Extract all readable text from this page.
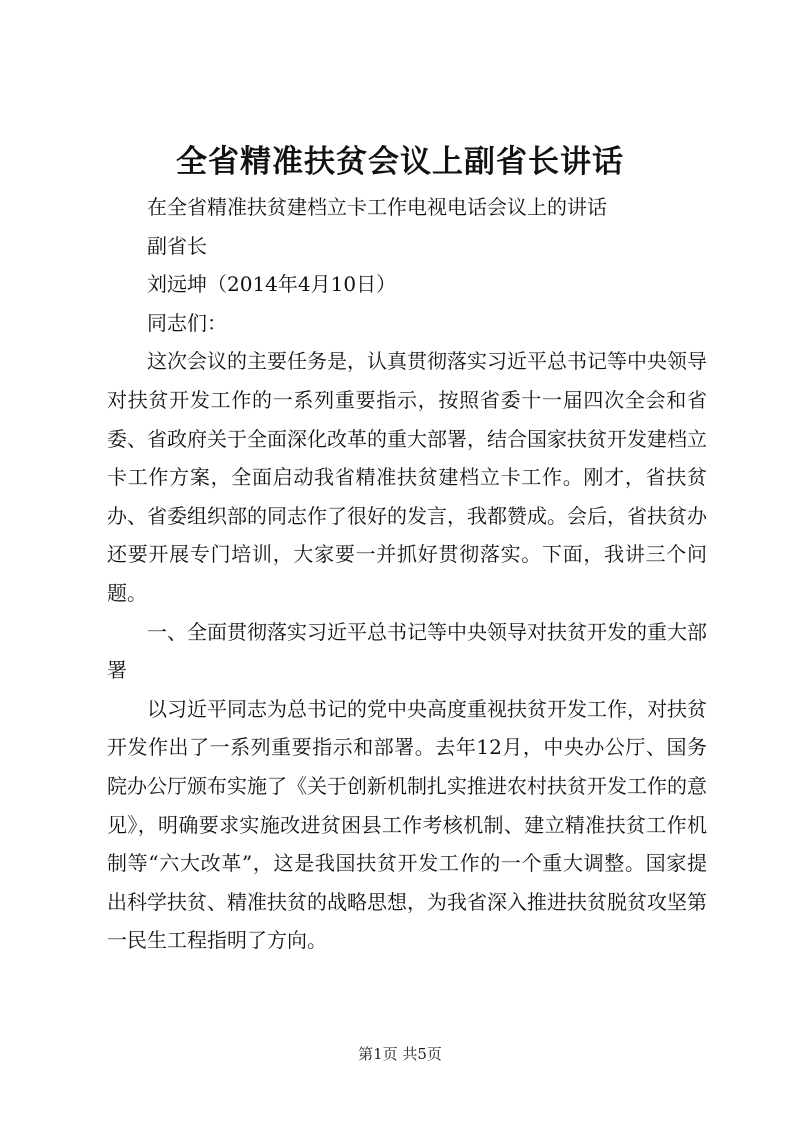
全省精准扶贫会议上副省长讲话

在全省精准扶贫建档立卡工作电视电话会议上的讲话

副省长

刘远坤（2014年4月10日）

同志们：

这次会议的主要任务是，认真贯彻落实习近平总书记等中央领导对扶贫开发工作的一系列重要指示，按照省委十一届四次全会和省委、省政府关于全面深化改革的重大部署，结合国家扶贫开发建档立卡工作方案，全面启动我省精准扶贫建档立卡工作。刚才，省扶贫办、省委组织部的同志作了很好的发言，我都赞成。会后，省扶贫办还要开展专门培训，大家要一并抓好贯彻落实。下面，我讲三个问题。

一、全面贯彻落实习近平总书记等中央领导对扶贫开发的重大部署

以习近平同志为总书记的党中央高度重视扶贫开发工作，对扶贫开发作出了一系列重要指示和部署。去年12月，中央办公厅、国务院办公厅颁布实施了《关于创新机制扎实推进农村扶贫开发工作的意见》，明确要求实施改进贫困县工作考核机制、建立精准扶贫工作机制等“六大改革”，这是我国扶贫开发工作的一个重大调整。国家提出科学扶贫、精准扶贫的战略思想，为我省深入推进扶贫脱贫攻坚第一民生工程指明了方向。

第1页 共5页
